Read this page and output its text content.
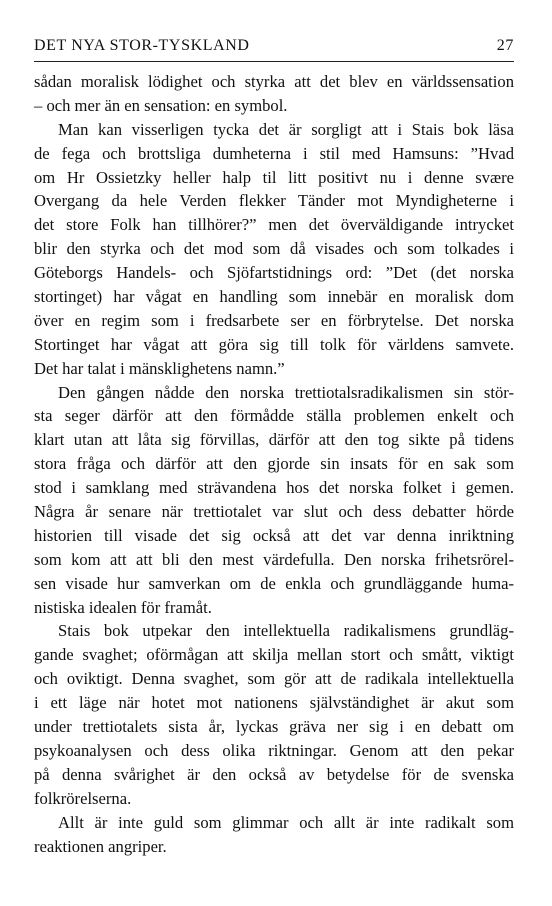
DET NYA STOR-TYSKLAND	27
sådan moralisk lödighet och styrka att det blev en världssensation
– och mer än en sensation: en symbol.
Man kan visserligen tycka det är sorgligt att i Stais bok läsa
de fega och brottsliga dumheterna i stil med Hamsuns: ”Hvad
om Hr Ossietzky heller halp til litt positivt nu i denne svære
Overgang da hele Verden flekker Tänder mot Myndigheterne i
det store Folk han tillhörer?” men det överväldigande intrycket
blir den styrka och det mod som då visades och som tolkades i
Göteborgs Handels- och Sjöfartstidnings ord: ”Det (det norska
stortinget) har vågat en handling som innebär en moralisk dom
över en regim som i fredsarbete ser en förbrytelse. Det norska
Stortinget har vågat att göra sig till tolk för världens samvete.
Det har talat i mänsklighetens namn.”
Den gången nådde den norska trettiotalsradikalismen sin stör-
sta seger därför att den förmådde ställa problemen enkelt och
klart utan att låta sig förvillas, därför att den tog sikte på tidens
stora fråga och därför att den gjorde sin insats för en sak som
stod i samklang med strävandena hos det norska folket i gemen.
Några år senare när trettiotalet var slut och dess debatter hörde
historien till visade det sig också att det var denna inriktning
som kom att att bli den mest värdefulla. Den norska frihetsrörel-
sen visade hur samverkan om de enkla och grundläggande huma-
nistiska idealen för framåt.
Stais bok utpekar den intellektuella radikalismens grundläg-
gande svaghet; oförmågan att skilja mellan stort och smått, viktigt
och oviktigt. Denna svaghet, som gör att de radikala intellektuella
i ett läge när hotet mot nationens självständighet är akut som
under trettiotalets sista år, lyckas gräva ner sig i en debatt om
psykoanalysen och dess olika riktningar. Genom att den pekar
på denna svårighet är den också av betydelse för de svenska
folkrörelserna.
Allt är inte guld som glimmar och allt är inte radikalt som
reaktionen angriper.
